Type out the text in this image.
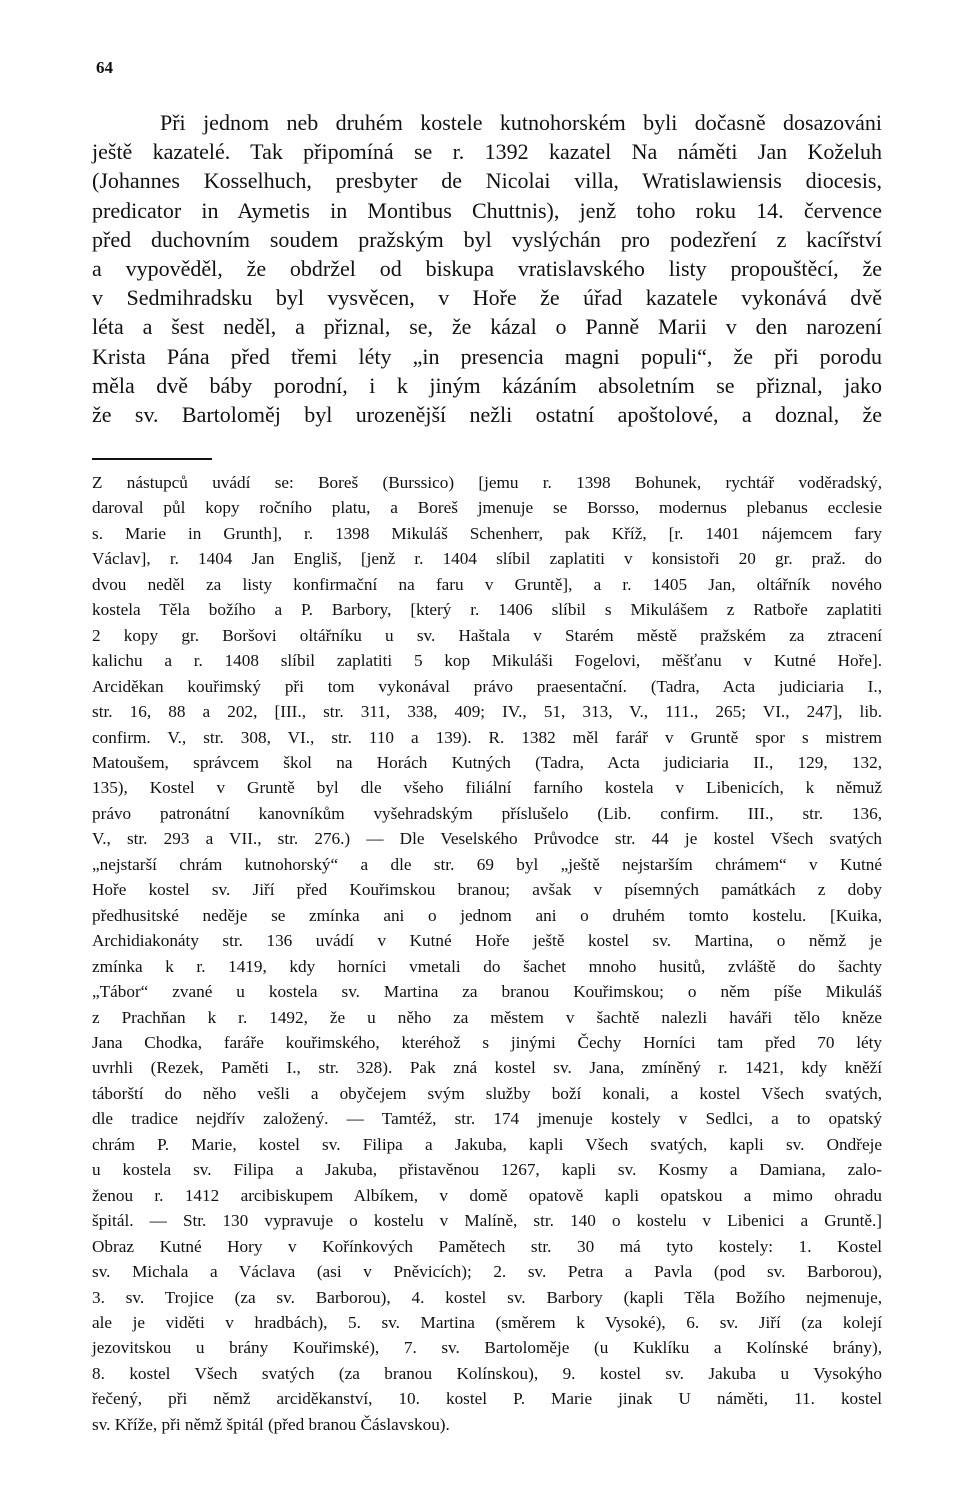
64
Při jednom neb druhém kostele kutnohorském byli dočasně dosazováni
ještě kazatelé. Tak připomíná se r. 1392 kazatel Na náměti Jan Koželuh
(Johannes Kosselhuch, presbyter de Nicolai villa, Wratislawiensis diocesis,
predicator in Aymetis in Montibus Chuttnis), jenž toho roku 14. července
před duchovním soudem pražským byl vyslýchán pro podezření z kacířství
a vypověděl, že obdržel od biskupa vratislavského listy propouštěcí, že
v Sedmihradsku byl vysvěcen, v Hoře že úřad kazatele vykonává dvě
léta a šest neděl, a přiznal, se, že kázal o Panně Marii v den narození
Krista Pána před třemi léty „in presencia magni populi“, že při porodu
měla dvě báby porodní, i k jiným kázáním absoletním se přiznal, jako
že sv. Bartoloměj byl urozenější nežli ostatní apoštolové, a doznal, že
Z nástupců uvádí se: Boreš (Burssico) [jemu r. 1398 Bohunek, rychtář voděradský,
daroval půl kopy ročního platu, a Boreš jmenuje se Borsso, modernus plebanus ecclesie
s. Marie in Grunth], r. 1398 Mikuláš Schenherr, pak Kříž, [r. 1401 nájemcem fary
Václav], r. 1404 Jan Engliš, [jenž r. 1404 slíbil zaplatiti v konsistoři 20 gr. praž. do
dvou neděl za listy konfirmační na faru v Gruntě], a r. 1405 Jan, oltářník nového
kostela Těla božího a P. Barbory, [který r. 1406 slíbil s Mikulášem z Ratboře zaplatiti
2 kopy gr. Boršovi oltářníku u sv. Haštala v Starém městě pražském za ztracení
kalichu a r. 1408 slíbil zaplatiti 5 kop Mikuláši Fogelovi, měšťanu v Kutné Hoře].
Arciděkan kouřimský při tom vykonával právo praesentační. (Tadra, Acta judiciaria I.,
str. 16, 88 a 202, [III., str. 311, 338, 409; IV., 51, 313, V., 111., 265; VI., 247], lib.
confirm. V., str. 308, VI., str. 110 a 139). R. 1382 měl farář v Gruntě spor s mistrem
Matoušem, správcem škol na Horách Kutných (Tadra, Acta judiciaria II., 129, 132,
135), Kostel v Gruntě byl dle všeho filiální farního kostela v Libenicích, k němuž
právo patronátní kanovníkům vyšehradským příslušelo (Lib. confirm. III., str. 136,
V., str. 293 a VII., str. 276.) — Dle Veselského Průvodce str. 44 je kostel Všech svatých
„nejstarší chrám kutnohorský“ a dle str. 69 byl „ještě nejstarším chrámem“ v Kutné
Hoře kostel sv. Jiří před Kouřimskou branou; avšak v písemných památkách z doby
předhusitské neděje se zmínka ani o jednom ani o druhém tomto kostelu. [Kuika,
Archidiakonáty str. 136 uvádí v Kutné Hoře ještě kostel sv. Martina, o němž je
zmínka k r. 1419, kdy horníci vmetali do šachet mnoho husitů, zvláště do šachty
„Tábor“ zvané u kostela sv. Martina za branou Kouřimskou; o něm píše Mikuláš
z Prachňan k r. 1492, že u něho za městem v šachtě nalezli haváři tělo kněze
Jana Chodka, faráře kouřimského, kteréhož s jinými Čechy Horníci tam před 70 léty
uvrhli (Rezek, Paměti I., str. 328). Pak zná kostel sv. Jana, zmíněný r. 1421, kdy kněží
táborští do něho vešli a obyčejem svým služby boží konali, a kostel Všech svatých,
dle tradice nejdřív založený. — Tamtéž, str. 174 jmenuje kostely v Sedlci, a to opatský
chrám P. Marie, kostel sv. Filipa a Jakuba, kapli Všech svatých, kapli sv. Ondřeje
u kostela sv. Filipa a Jakuba, přistavěnou 1267, kapli sv. Kosmy a Damiana, zalo-
ženou r. 1412 arcibiskupem Albíkem, v domě opatově kapli opatskou a mimo ohradu
špitál. — Str. 130 vypravuje o kostelu v Malíně, str. 140 o kostelu v Libenici a Gruntě.]
Obraz Kutné Hory v Kořínkových Pamětech str. 30 má tyto kostely: 1. Kostel
sv. Michala a Václava (asi v Pněvicích); 2. sv. Petra a Pavla (pod sv. Barborou),
3. sv. Trojice (za sv. Barborou), 4. kostel sv. Barbory (kapli Těla Božího nejmenuje,
ale je viděti v hradbách), 5. sv. Martina (směrem k Vysoké), 6. sv. Jiří (za kolejí
jezovitskou u brány Kouřimské), 7. sv. Bartoloměje (u Kuklíku a Kolínské brány),
8. kostel Všech svatých (za branou Kolínskou), 9. kostel sv. Jakuba u Vysokýho
řečený, při němž arciděkanství, 10. kostel P. Marie jinak U náměti, 11. kostel
sv. Kříže, při němž špitál (před branou Čáslavskou).
